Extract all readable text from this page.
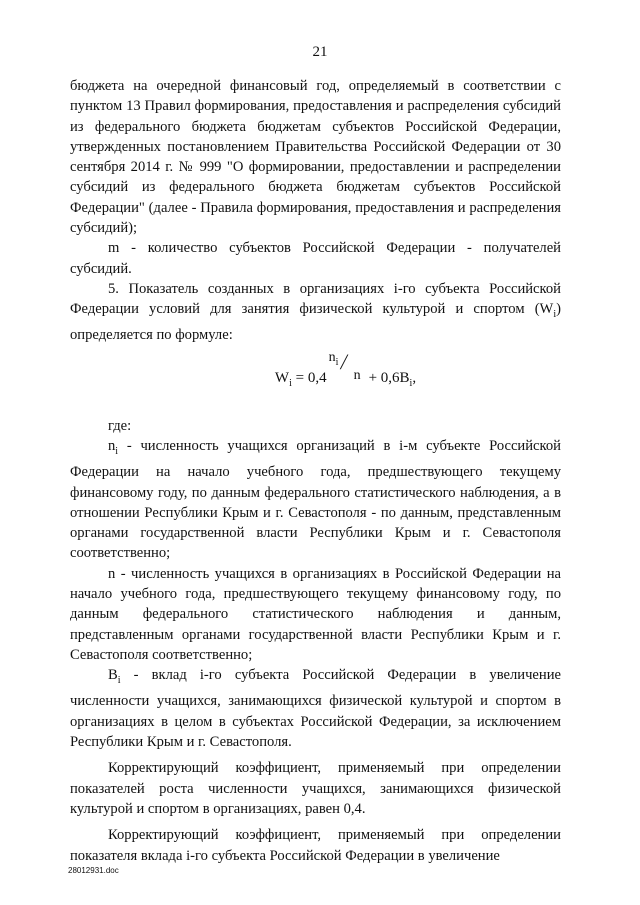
21

бюджета на очередной финансовый год, определяемый в соответствии с пунктом 13 Правил формирования, предоставления и распределения субсидий из федерального бюджета бюджетам субъектов Российской Федерации, утвержденных постановлением Правительства Российской Федерации от 30 сентября 2014 г. № 999 "О формировании, предоставлении и распределении субсидий из федерального бюджета бюджетам субъектов Российской Федерации" (далее - Правила формирования, предоставления и распределения субсидий);

m - количество субъектов Российской Федерации - получателей субсидий.

5. Показатель созданных в организациях i-го субъекта Российской Федерации условий для занятия физической культурой и спортом $(W_i)$ определяется по формуле:

$W_i = 0,4$
$n_i$ /
$n + 0,6B_i$,

где:

$n_i$ - численность учащихся организаций в i-м субъекте Российской Федерации на начало учебного года, предшествующего текущему финансовому году, по данным федерального статистического наблюдения, а в отношении Республики Крым и г. Севастополя - по данным, представленным органами государственной власти Республики Крым и г. Севастополя соответственно;

n - численность учащихся в организациях в Российской Федерации на начало учебного года, предшествующего текущему финансовому году, по данным федерального статистического наблюдения и данным, представленным органами государственной власти Республики Крым и г. Севастополя соответственно;

$B_i$ - вклад i-го субъекта Российской Федерации в увеличение численности учащихся, занимающихся физической культурой и спортом в организациях в целом в субъектах Российской Федерации, за исключением Республики Крым и г. Севастополя.

Корректирующий коэффициент, применяемый при определении показателей роста численности учащихся, занимающихся физической культурой и спортом в организациях, равен 0,4.

Корректирующий коэффициент, применяемый при определении показателя вклада i-го субъекта Российской Федерации в увеличение

28012931.doc
